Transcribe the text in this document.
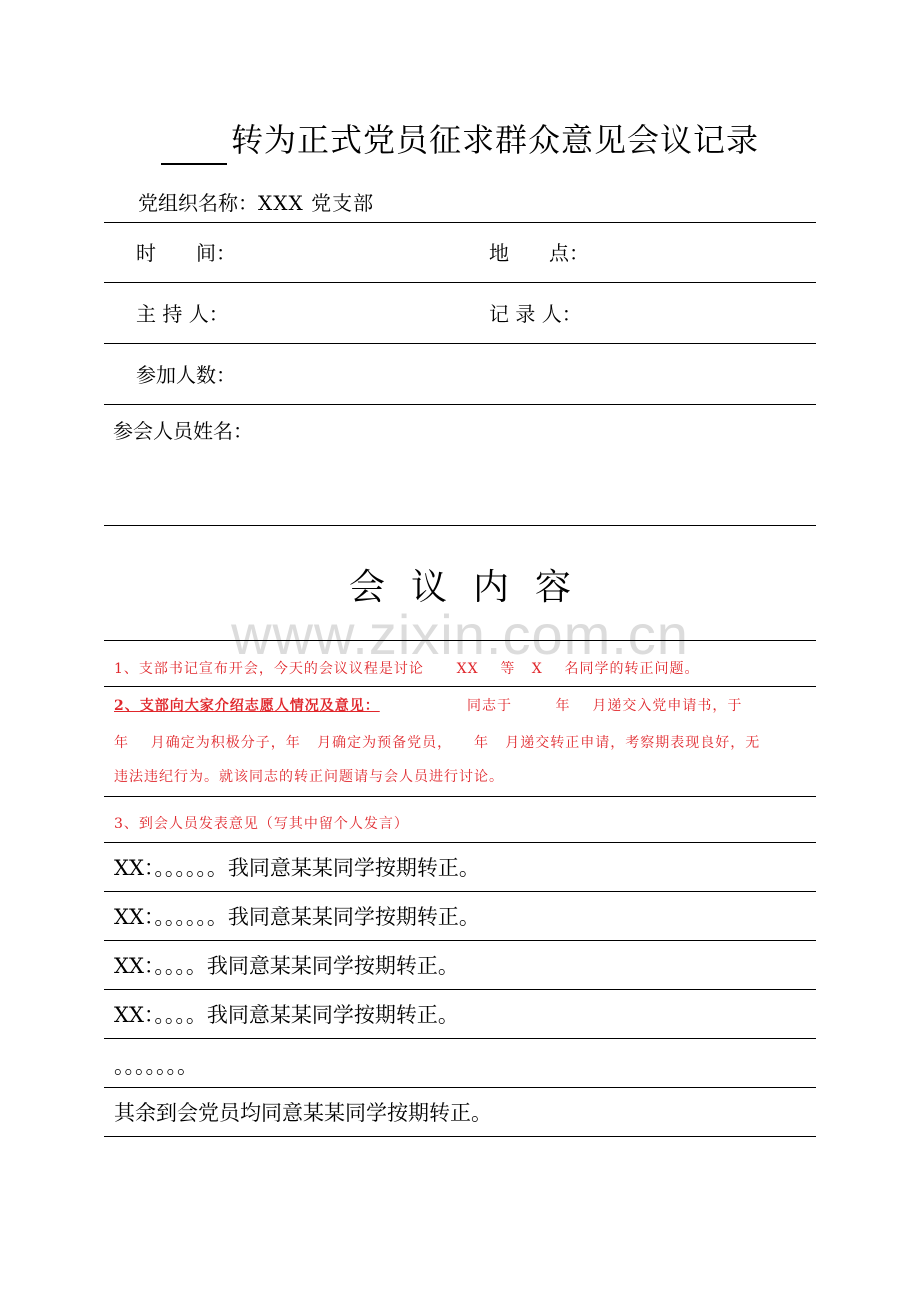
转为正式党员征求群众意见会议记录
党组织名称：XXX 党支部
时　　间：	地　　点：
主 持 人：	记 录 人：
参加人数：
参会人员姓名：
会议内容
www.zixin.com.cn
1、支部书记宣布开会，今天的会议议程是讨论      XX    等   X    名同学的转正问题。
2、支部向大家介绍志愿人情况及意见：                同志于        年    月递交入党申请书，于
年    月确定为积极分子，年   月确定为预备党员，    年   月递交转正申请，考察期表现良好，无
违法违纪行为。就该同志的转正问题请与会人员进行讨论。
3、到会人员发表意见（写其中留个人发言）
XX：。。。。。。我同意某某同学按期转正。
XX：。。。。。。我同意某某同学按期转正。
XX：。。。。我同意某某同学按期转正。
XX：。。。。我同意某某同学按期转正。
。。。。。。。
其余到会党员均同意某某同学按期转正。
